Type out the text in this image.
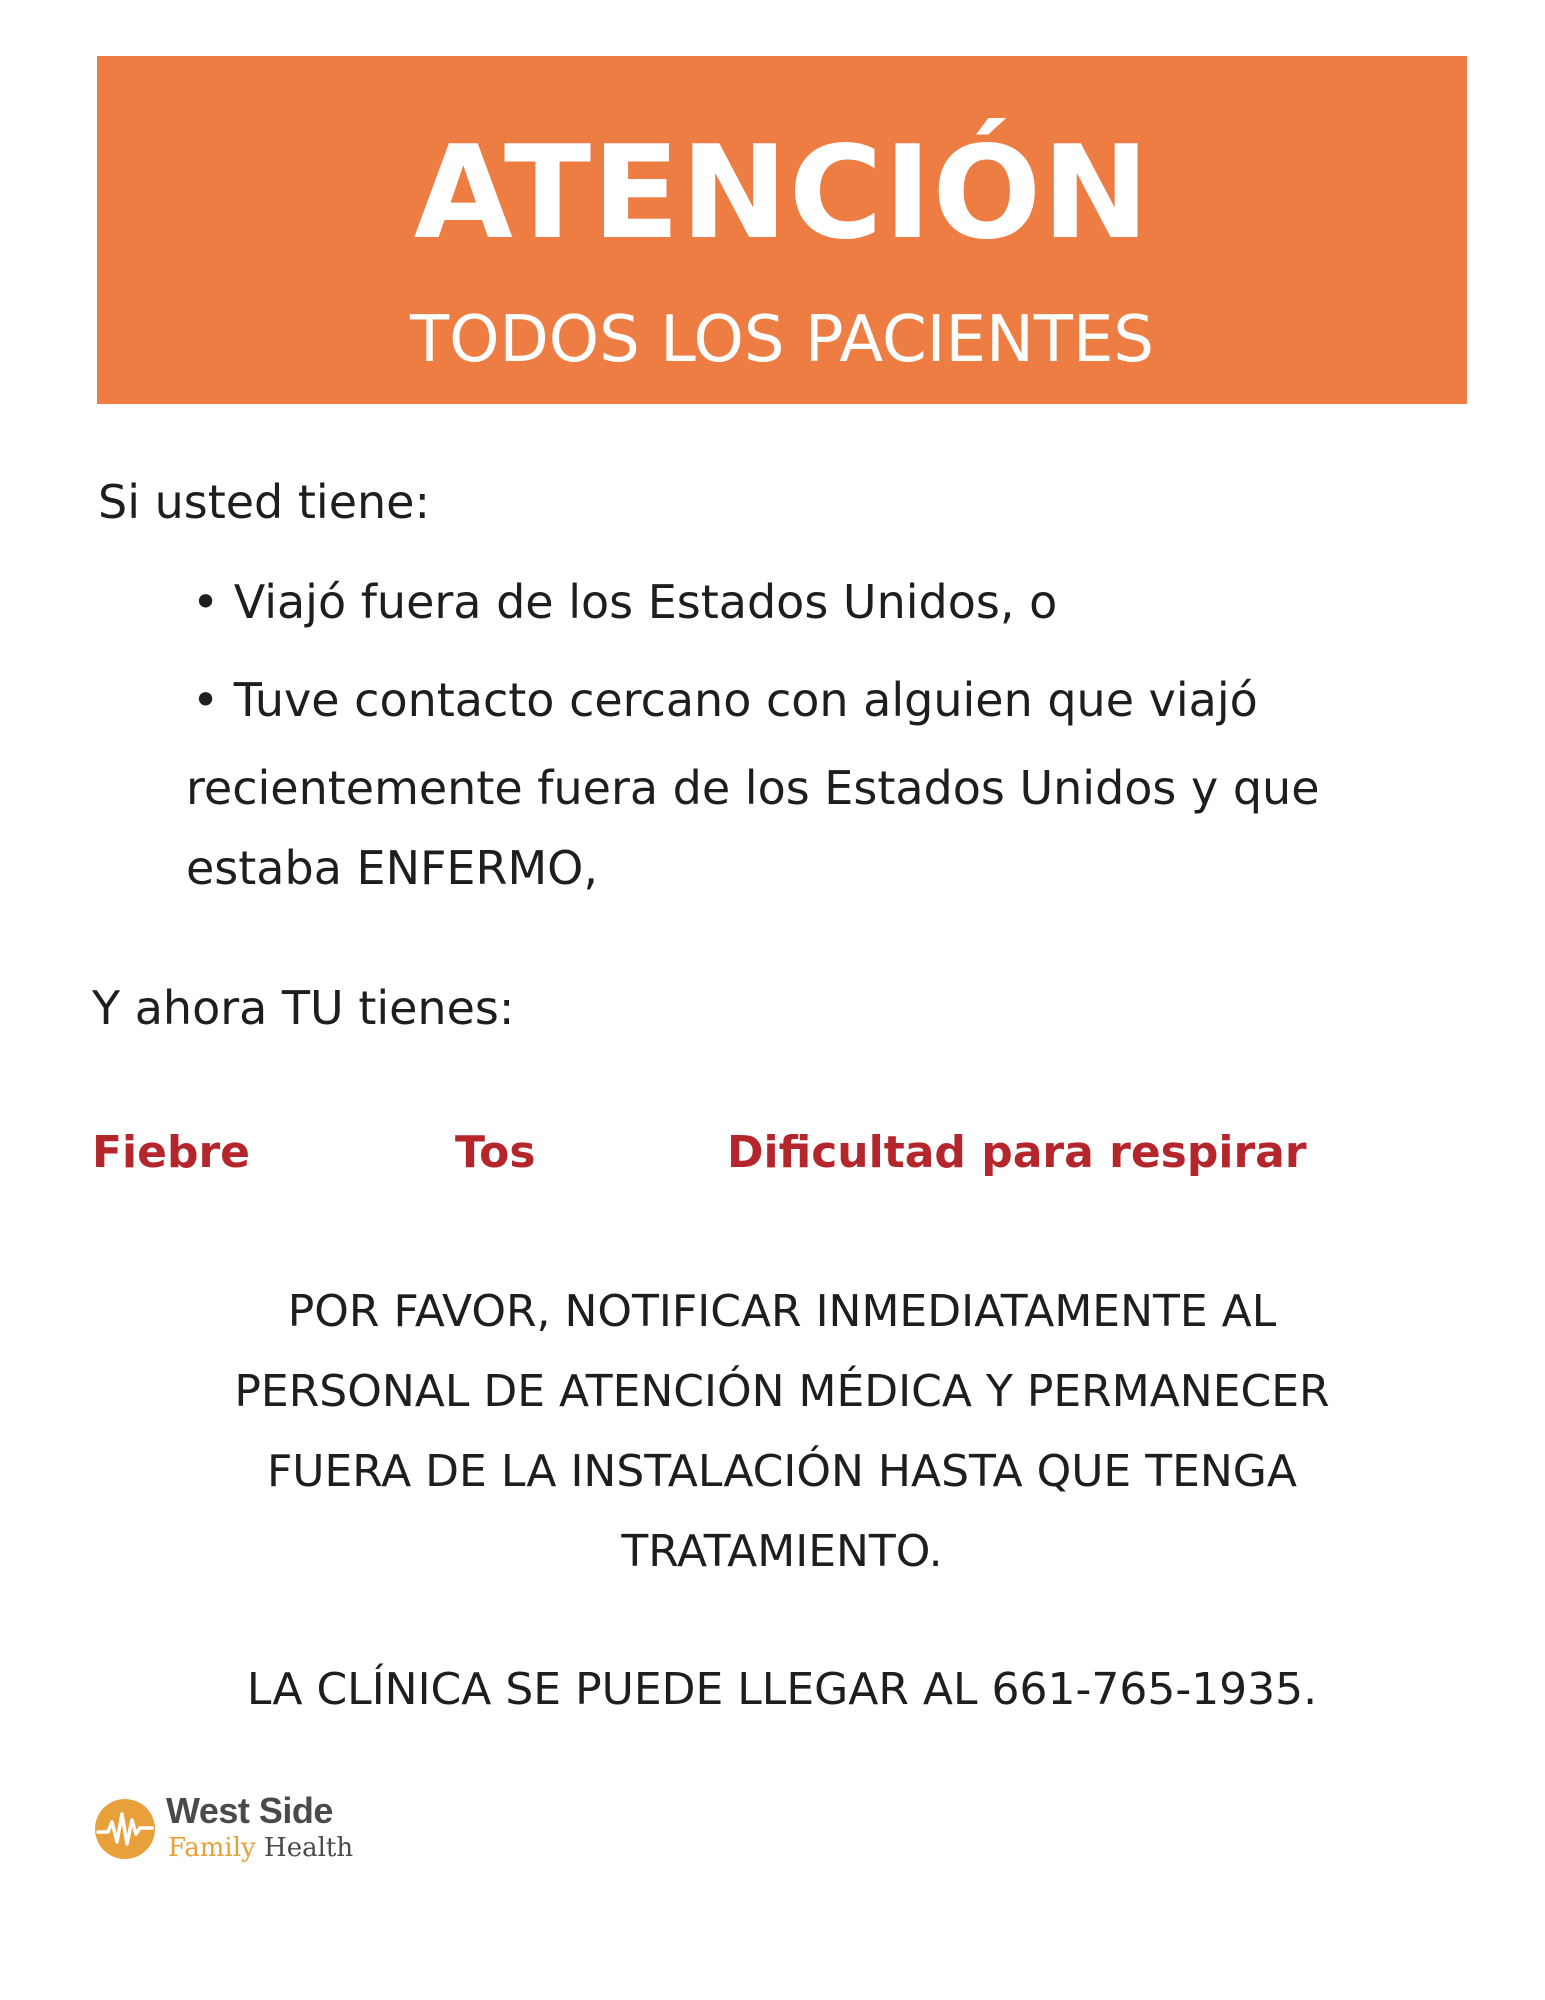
ATENCIÓN
TODOS LOS PACIENTES
Si usted tiene:
• Viajó fuera de los Estados Unidos, o
• Tuve contacto cercano con alguien que viajó
recientemente fuera de los Estados Unidos y que
estaba ENFERMO,
Y ahora TU tienes:
Fiebre	Tos	Dificultad para respirar
POR FAVOR, NOTIFICAR INMEDIATAMENTE AL
PERSONAL DE ATENCIÓN MÉDICA Y PERMANECER
FUERA DE LA INSTALACIÓN HASTA QUE TENGA
TRATAMIENTO.
LA CLÍNICA SE PUEDE LLEGAR AL 661-765-1935.
West Side
Family Health
